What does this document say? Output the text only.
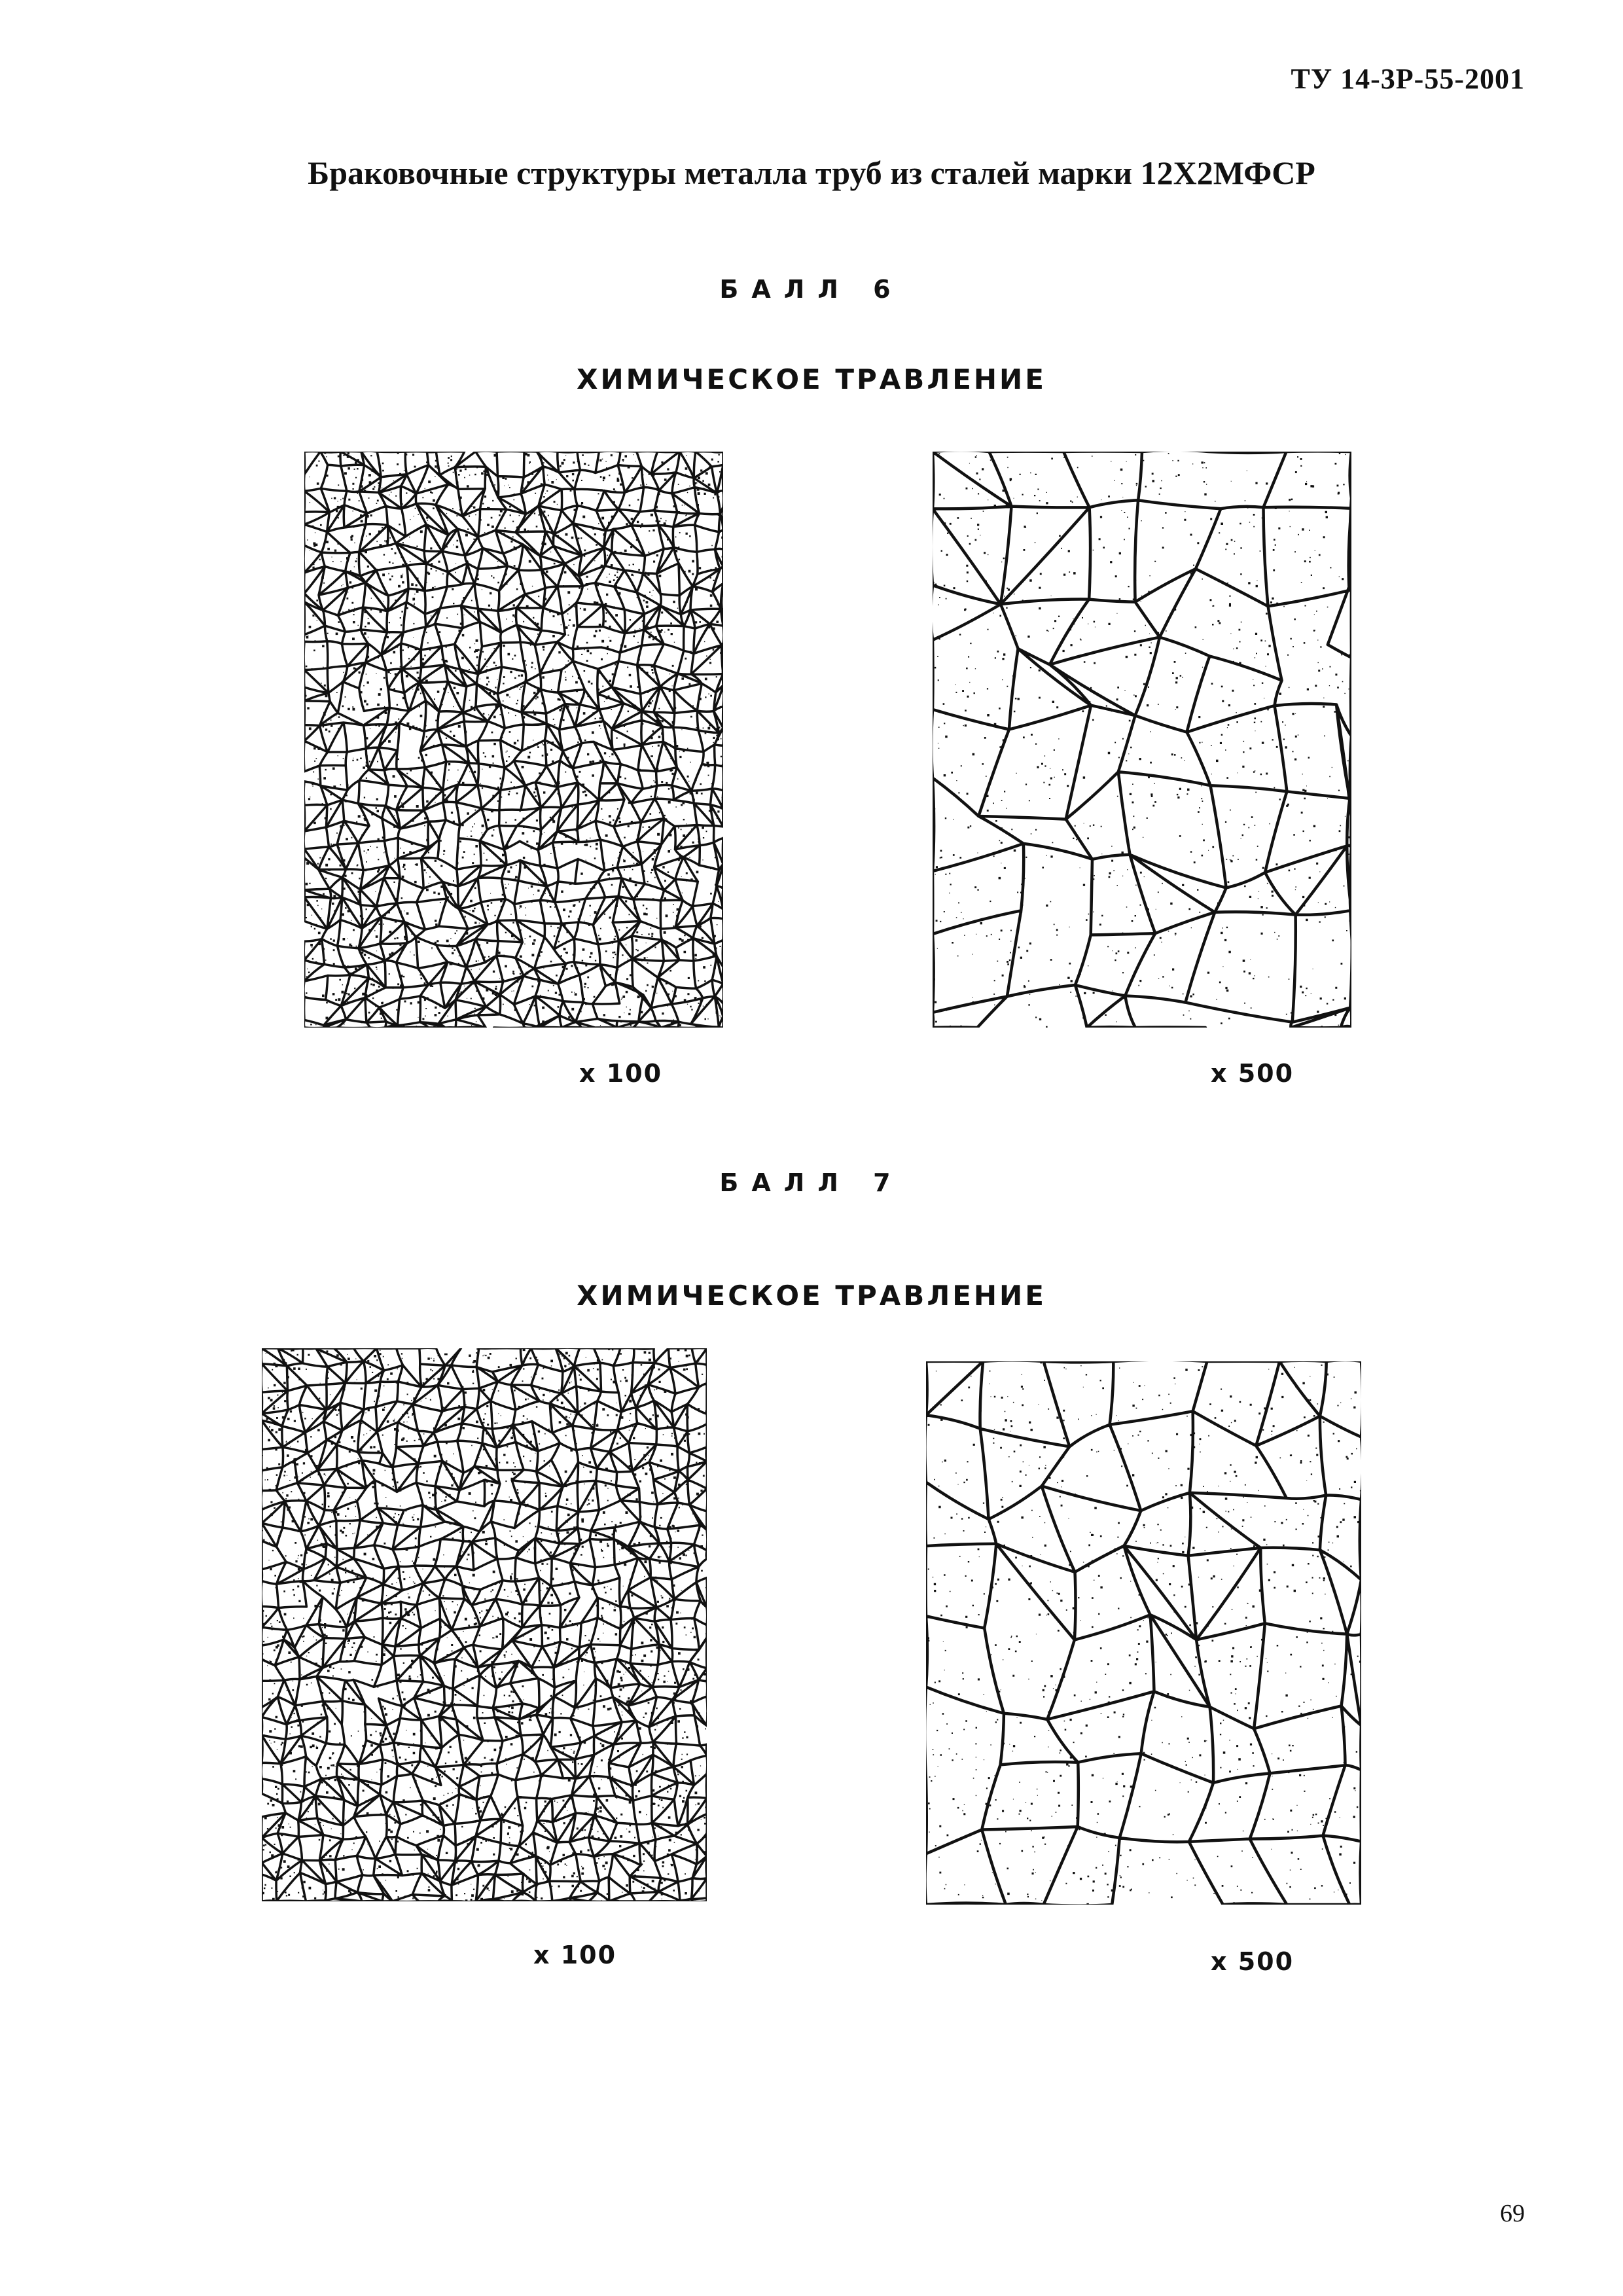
ТУ 14-3Р-55-2001
Браковочные структуры металла труб из сталей марки 12Х2МФСР
БАЛЛ 6
ХИМИЧЕСКОЕ ТРАВЛЕНИЕ
х 100	х 500
БАЛЛ 7
ХИМИЧЕСКОЕ ТРАВЛЕНИЕ
х 100	х 500
69
